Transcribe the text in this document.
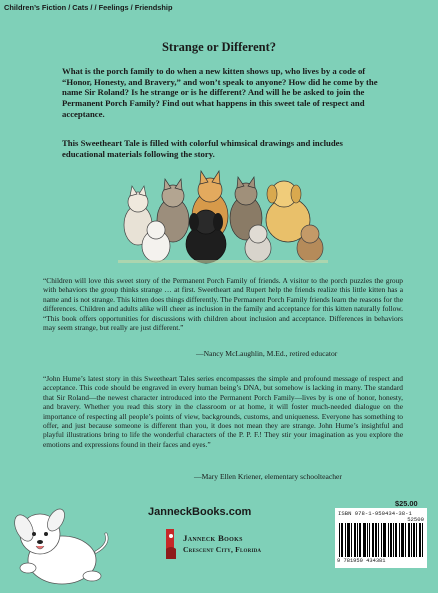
Children’s Fiction / Cats / / Feelings / Friendship
Strange or Different?

What is the porch family to do when a new kitten shows up, who lives by a code of “Honor, Honesty, and Bravery,” and won’t speak to anyone? How did he come by the name Sir Roland? Is he strange or is he different? And will he be asked to join the Permanent Porch Family? Find out what happens in this sweet tale of respect and acceptance.

This Sweetheart Tale is filled with colorful whimsical drawings and includes educational materials following the story.

“Children will love this sweet story of the Permanent Porch Family of friends. A visitor to the porch puzzles the group with behaviors the group thinks strange … at first. Sweetheart and Rupert help the friends realize this little kitten has a name and is not strange. This kitten does things differently. The Permanent Porch Family friends learn the reasons for the differences. Children and adults alike will cheer as inclusion in the family and acceptance for this kitten naturally follow. “This book offers opportunities for discussions with children about inclusion and acceptance. Differences in behaviors may seem strange, but really are just different.”

—Nancy McLaughlin, M.Ed., retired educator

“John Hume’s latest story in this Sweetheart Tales series encompasses the simple and profound message of respect and acceptance. This code should be engraved in every human being’s DNA, but somehow is lacking in many. The standard that Sir Roland—the newest character introduced into the Permanent Porch Family—lives by is one of honor, honesty, and bravery. Whether you read this story in the classroom or at home, it will foster much-needed dialogue on the importance of respecting all people’s points of view, backgrounds, customs, and uniqueness. Everyone has something to offer, and just because someone is different than you, it does not mean they are strange. John Hume’s insightful and playful illustrations bring to life the wonderful characters of the P. P. F.! They stir your imagination as you explore the emotions and expressions found in their faces and eyes.”

—Mary Ellen Kriener, elementary schoolteacher
JanneckBooks.com
Janneck Books
Crescent City, Florida
$25.00
ISBN 978-1-950434-38-1
52500
9 781950 434381
